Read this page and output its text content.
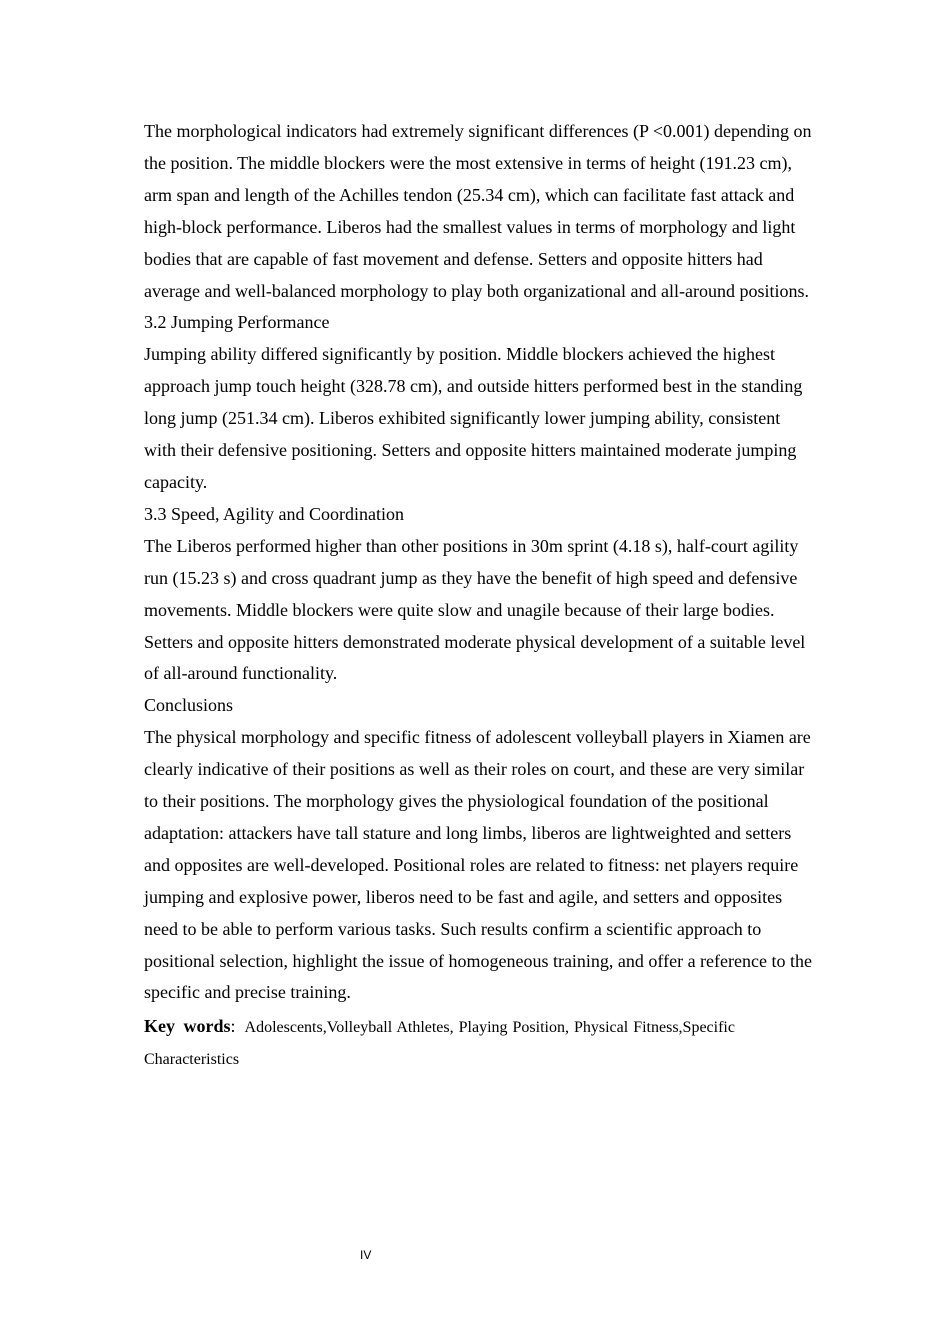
The morphological indicators had extremely significant differences (P <0.001) depending on the position. The middle blockers were the most extensive in terms of height (191.23 cm), arm span and length of the Achilles tendon (25.34 cm), which can facilitate fast attack and high-block performance. Liberos had the smallest values in terms of morphology and light bodies that are capable of fast movement and defense. Setters and opposite hitters had average and well-balanced morphology to play both organizational and all-around positions.

3.2 Jumping Performance

Jumping ability differed significantly by position. Middle blockers achieved the highest approach jump touch height (328.78 cm), and outside hitters performed best in the standing long jump (251.34 cm). Liberos exhibited significantly lower jumping ability, consistent with their defensive positioning. Setters and opposite hitters maintained moderate jumping capacity.

3.3 Speed, Agility and Coordination

The Liberos performed higher than other positions in 30m sprint (4.18 s), half-court agility run (15.23 s) and cross quadrant jump as they have the benefit of high speed and defensive movements. Middle blockers were quite slow and unagile because of their large bodies. Setters and opposite hitters demonstrated moderate physical development of a suitable level of all-around functionality.

Conclusions

The physical morphology and specific fitness of adolescent volleyball players in Xiamen are clearly indicative of their positions as well as their roles on court, and these are very similar to their positions. The morphology gives the physiological foundation of the positional adaptation: attackers have tall stature and long limbs, liberos are lightweighted and setters and opposites are well-developed. Positional roles are related to fitness: net players require jumping and explosive power, liberos need to be fast and agile, and setters and opposites need to be able to perform various tasks. Such results confirm a scientific approach to positional selection, highlight the issue of homogeneous training, and offer a reference to the specific and precise training.

Key words: Adolescents,Volleyball Athletes, Playing Position, Physical Fitness,Specific Characteristics

IV
